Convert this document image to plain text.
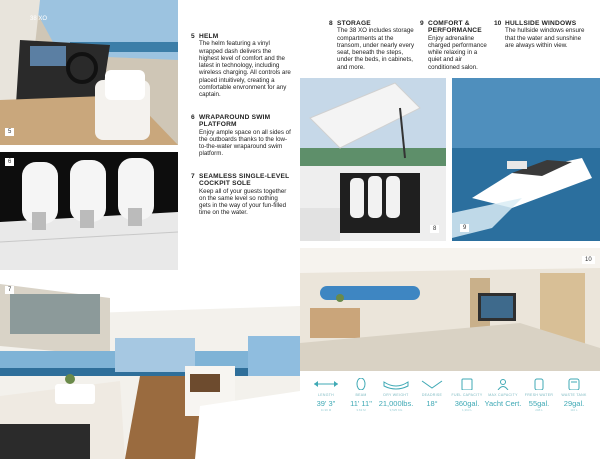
38 XO
5
6
7
8	9
10
5 HELM
The helm featuring a vinyl wrapped dash delivers the highest level of comfort and the latest in technology, including wireless charging. All controls are placed intuitively, creating a comfortable envronment for any captain.
6 WRAPAROUND SWIM PLATFORM
Enjoy ample space on all sides of the outboards thanks to the low-to-the-water wraparound swim platform.
7 SEAMLESS SINGLE-LEVEL COCKPIT SOLE
Keep all of your guests together on the same level so nothing gets in the way of your fun-filled time on the water.
8 STORAGE
The 38 XO includes storage compartments at the transom, under nearly every seat, beneath the steps, under the beds, in cabinets, and more.
9 COMFORT & PERFORMANCE
Enjoy adrenaline charged performance while relaxing in a quiet and air conditioned salon.
10 HULLSIDE WINDOWS
The hullside windows ensure that the water and sunshine are always within view.
LENGTH
39' 3"
11.96 M
BEAM
11' 11"
3.63 M
DRY WEIGHT
21,000lbs.
9,525 KG
DEADRISE
18°
FUEL CAPACITY
360gal.
1,363 L
MAX CAPACITY
Yacht Cert.
FRESH WATER
55gal.
208 L
WASTE TANK
29gal.
110 L
